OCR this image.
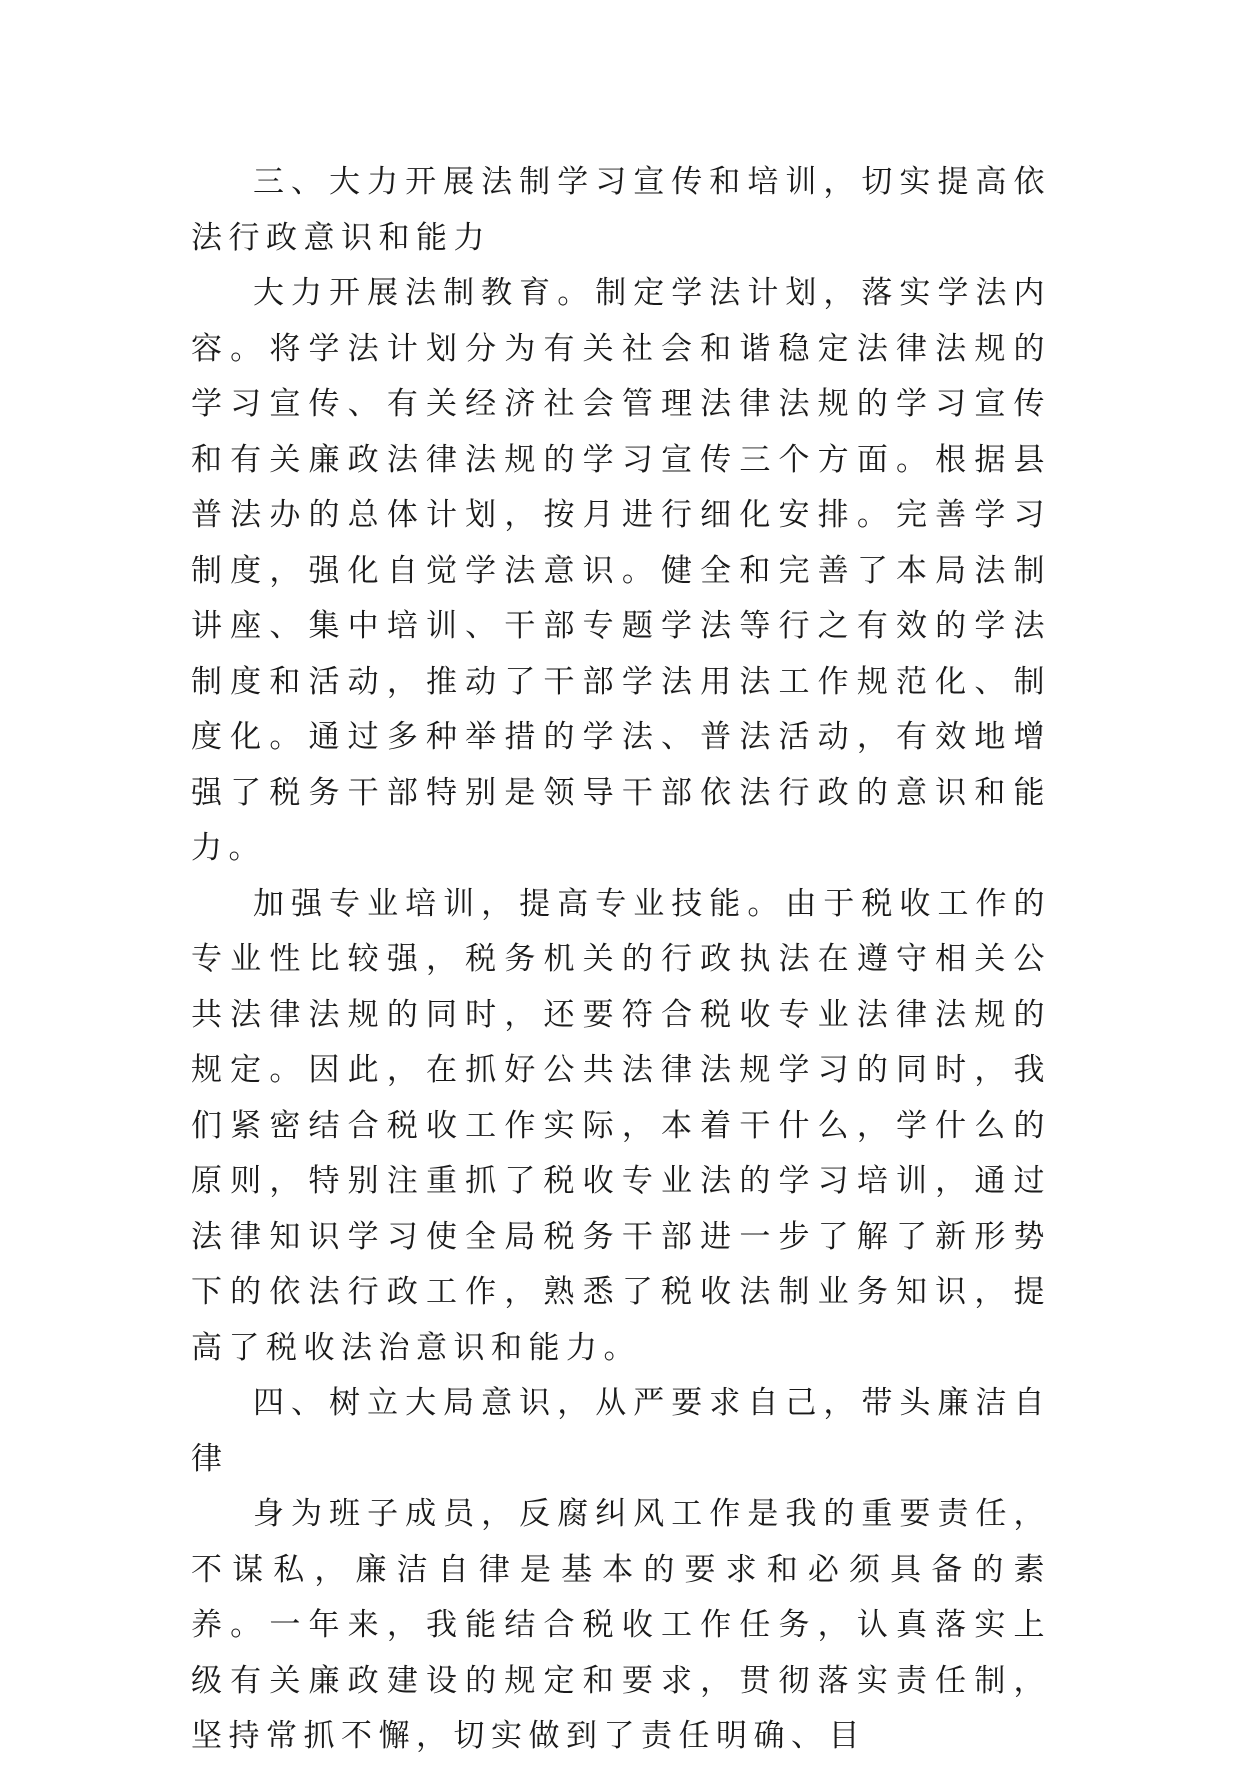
三、大力开展法制学习宣传和培训，切实提高依法行政意识和能力

大力开展法制教育。制定学法计划，落实学法内容。将学法计划分为有关社会和谐稳定法律法规的学习宣传、有关经济社会管理法律法规的学习宣传和有关廉政法律法规的学习宣传三个方面。根据县普法办的总体计划，按月进行细化安排。完善学习制度，强化自觉学法意识。健全和完善了本局法制讲座、集中培训、干部专题学法等行之有效的学法制度和活动，推动了干部学法用法工作规范化、制度化。通过多种举措的学法、普法活动，有效地增强了税务干部特别是领导干部依法行政的意识和能力。

加强专业培训，提高专业技能。由于税收工作的专业性比较强，税务机关的行政执法在遵守相关公共法律法规的同时，还要符合税收专业法律法规的规定。因此，在抓好公共法律法规学习的同时，我们紧密结合税收工作实际，本着干什么，学什么的原则，特别注重抓了税收专业法的学习培训，通过法律知识学习使全局税务干部进一步了解了新形势下的依法行政工作，熟悉了税收法制业务知识，提高了税收法治意识和能力。

四、树立大局意识，从严要求自己，带头廉洁自律

身为班子成员，反腐纠风工作是我的重要责任，不谋私，廉洁自律是基本的要求和必须具备的素养。一年来，我能结合税收工作任务，认真落实上级有关廉政建设的规定和要求，贯彻落实责任制，坚持常抓不懈，切实做到了责任明确、目
